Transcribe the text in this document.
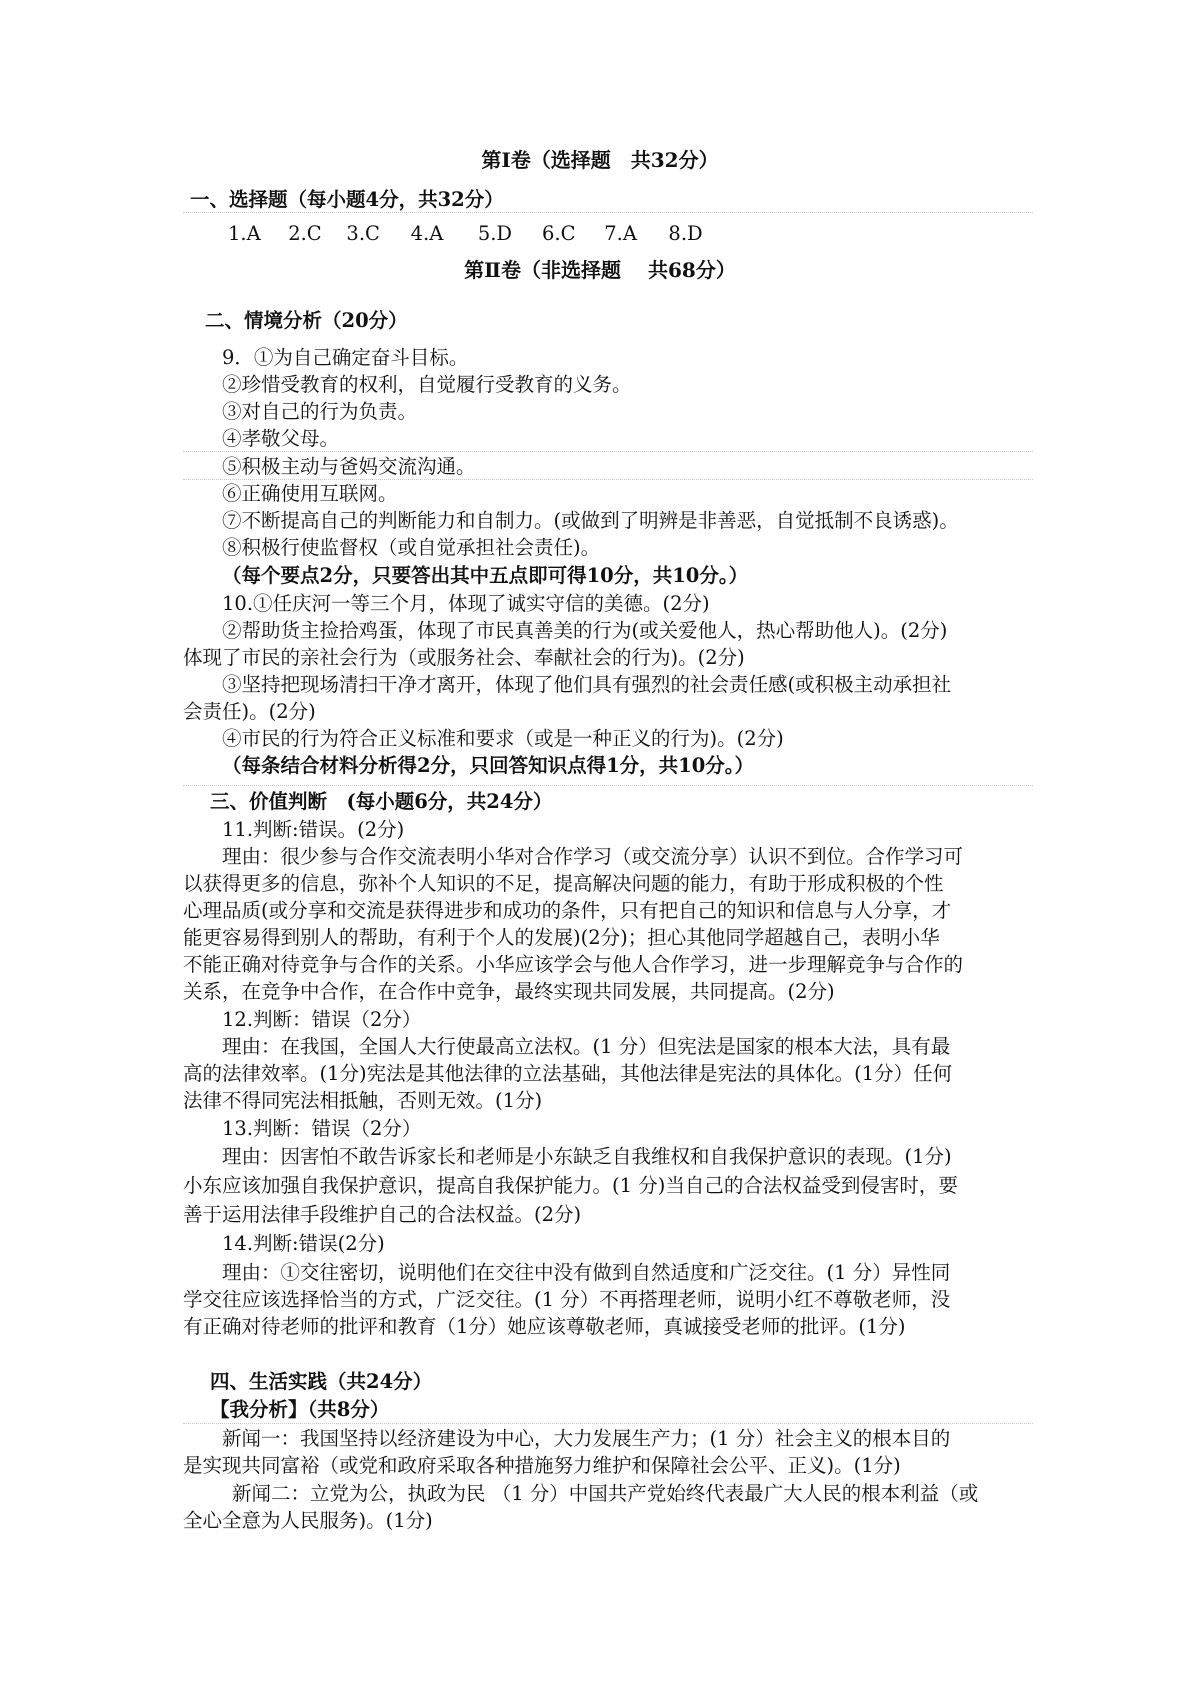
第Ⅰ卷（选择题　共32分）
一、选择题（每小题4分，共32分）
1.A 2.C 3.C 4.A 5.D 6.C 7.A 8.D
第Ⅱ卷（非选择题　 共68分）
二、情境分析（20分）
9．①为自己确定奋斗目标。
②珍惜受教育的权利，自觉履行受教育的义务。
③对自己的行为负责。
④孝敬父母。
⑤积极主动与爸妈交流沟通。
⑥正确使用互联网。
⑦不断提高自己的判断能力和自制力。(或做到了明辨是非善恶，自觉抵制不良诱惑)。
⑧积极行使监督权（或自觉承担社会责任)。
（每个要点2分，只要答出其中五点即可得10分，共10分。）
10.①任庆河一等三个月，体现了诚实守信的美德。(2分)
②帮助货主捡拾鸡蛋，体现了市民真善美的行为(或关爱他人，热心帮助他人)。(2分)
体现了市民的亲社会行为（或服务社会、奉献社会的行为)。(2分)
③坚持把现场清扫干净才离开，体现了他们具有强烈的社会责任感(或积极主动承担社
会责任)。(2分)
④市民的行为符合正义标准和要求（或是一种正义的行为)。(2分)
（每条结合材料分析得2分，只回答知识点得1分，共10分。）
三、价值判断　(每小题6分，共24分）
11.判断:错误。(2分)
理由：很少参与合作交流表明小华对合作学习（或交流分享）认识不到位。合作学习可
以获得更多的信息，弥补个人知识的不足，提高解决问题的能力，有助于形成积极的个性
心理品质(或分享和交流是获得进步和成功的条件，只有把自己的知识和信息与人分享，才
能更容易得到别人的帮助，有利于个人的发展)(2分)；担心其他同学超越自己，表明小华
不能正确对待竞争与合作的关系。小华应该学会与他人合作学习，进一步理解竞争与合作的
关系，在竞争中合作，在合作中竞争，最终实现共同发展，共同提高。(2分)
12.判断：错误（2分）
理由：在我国，全国人大行使最高立法权。(1 分）但宪法是国家的根本大法，具有最
高的法律效率。(1分)宪法是其他法律的立法基础，其他法律是宪法的具体化。(1分）任何
法律不得同宪法相抵触，否则无效。(1分)
13.判断：错误（2分）
理由：因害怕不敢告诉家长和老师是小东缺乏自我维权和自我保护意识的表现。(1分)
小东应该加强自我保护意识，提高自我保护能力。(1 分)当自己的合法权益受到侵害时，要
善于运用法律手段维护自己的合法权益。(2分)
14.判断:错误(2分)
理由：①交往密切，说明他们在交往中没有做到自然适度和广泛交往。(1 分）异性同
学交往应该选择恰当的方式，广泛交往。(1 分）不再搭理老师，说明小红不尊敬老师，没
有正确对待老师的批评和教育（1分）她应该尊敬老师，真诚接受老师的批评。(1分)
四、生活实践（共24分）
【我分析】（共8分）
新闻一：我国坚持以经济建设为中心，大力发展生产力；(1 分）社会主义的根本目的
是实现共同富裕（或党和政府采取各种措施努力维护和保障社会公平、正义)。(1分)
新闻二：立党为公，执政为民 （1 分）中国共产党始终代表最广大人民的根本利益（或
全心全意为人民服务)。(1分)
